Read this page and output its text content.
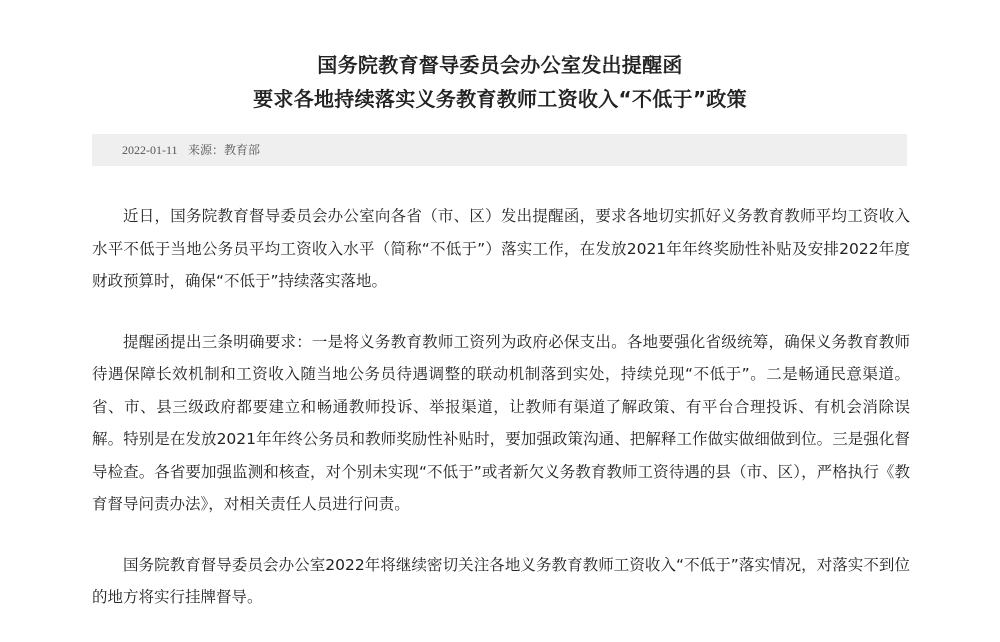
国务院教育督导委员会办公室发出提醒函
要求各地持续落实义务教育教师工资收入“不低于”政策
2022-01-11 来源：教育部

近日，国务院教育督导委员会办公室向各省（市、区）发出提醒函，要求各地切实抓好义务教育教师平均工资收入水平不低于当地公务员平均工资收入水平（简称“不低于”）落实工作，在发放2021年年终奖励性补贴及安排2022年度财政预算时，确保“不低于”持续落实落地。

提醒函提出三条明确要求：一是将义务教育教师工资列为政府必保支出。各地要强化省级统筹，确保义务教育教师待遇保障长效机制和工资收入随当地公务员待遇调整的联动机制落到实处，持续兑现“不低于”。二是畅通民意渠道。省、市、县三级政府都要建立和畅通教师投诉、举报渠道，让教师有渠道了解政策、有平台合理投诉、有机会消除误解。特别是在发放2021年年终公务员和教师奖励性补贴时，要加强政策沟通、把解释工作做实做细做到位。三是强化督导检查。各省要加强监测和核查，对个别未实现“不低于”或者新欠义务教育教师工资待遇的县（市、区），严格执行《教育督导问责办法》，对相关责任人员进行问责。

国务院教育督导委员会办公室2022年将继续密切关注各地义务教育教师工资收入“不低于”落实情况，对落实不到位的地方将实行挂牌督导。
